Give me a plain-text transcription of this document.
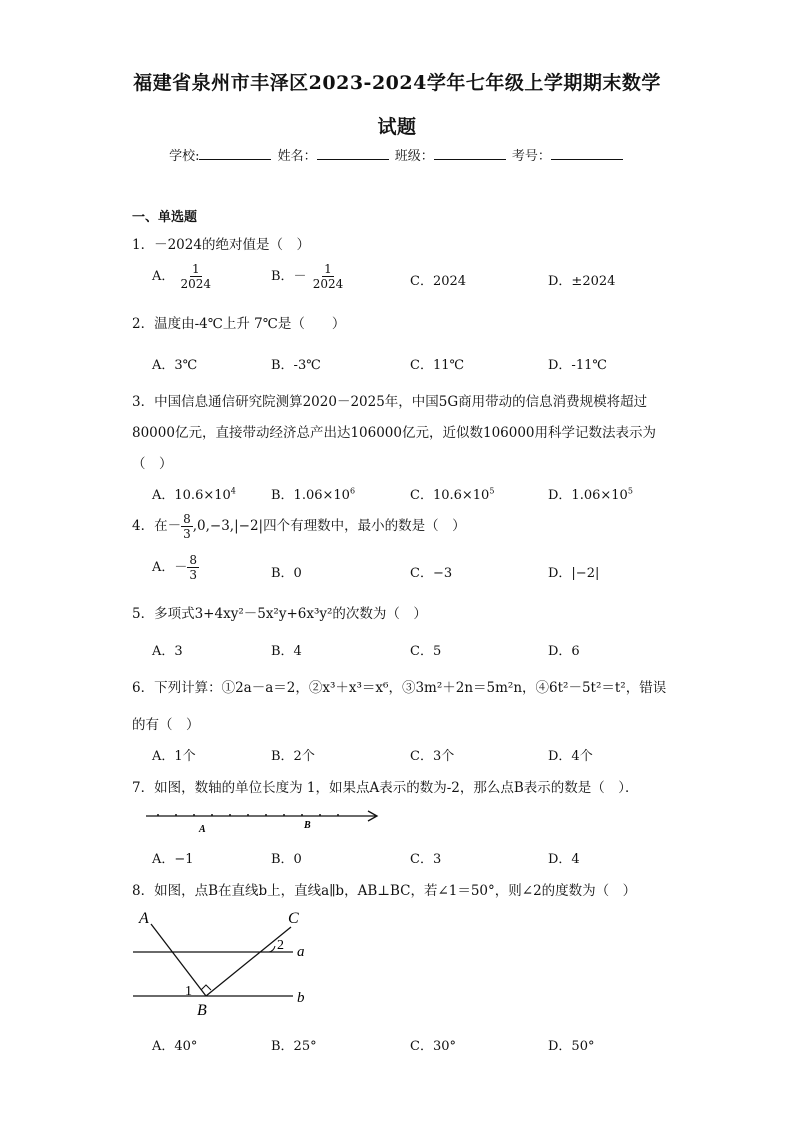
福建省泉州市丰泽区2023-2024学年七年级上学期期末数学
试题
学校:	姓名：	班级：	考号：
一、单选题
1．－2024的绝对值是（　）
A． $\frac{1}{2024}$	B．－ $\frac{1}{2024}$	C．2024	D．±2024
2．温度由-4℃上升 7℃是（　　）
A．3℃	B．-3℃	C．11℃	D．-11℃
3．中国信息通信研究院测算2020－2025年，中国5G商用带动的信息消费规模将超过
80000亿元，直接带动经济总产出达106000亿元，近似数106000用科学记数法表示为
（　）
A．$10.6\times 10^4$	B．$1.06\times 10^6$	C．$10.6\times 10^5$	D．$1.06\times 10^5$
4．在－ $\frac{8}{3} ,0,-3,|-2|$四个有理数中，最小的数是（　）
A．－ $\frac{8}{3}$	B．0	C．−3	D．|−2|
5．多项式3+4xy²－5x²y+6x³y²的次数为（　）
A．3	B．4	C．5	D．6
6．下列计算：①2a－a＝2，②x³＋x³＝x⁶，③3m²＋2n＝5m²n，④6t²－5t²＝t²，错误
的有（　）
A．1个	B．2个	C．3个	D．4个
7．如图，数轴的单位长度为 1，如果点A表示的数为-2，那么点B表示的数是（　）．
A	B
A．−1	B．0	C．3	D．4
8．如图，点B在直线b上，直线a∥b，AB⊥BC，若∠1＝50°，则∠2的度数为（　）
A	C
B
a
b
1
2
A．40°	B．25°	C．30°	D．50°
